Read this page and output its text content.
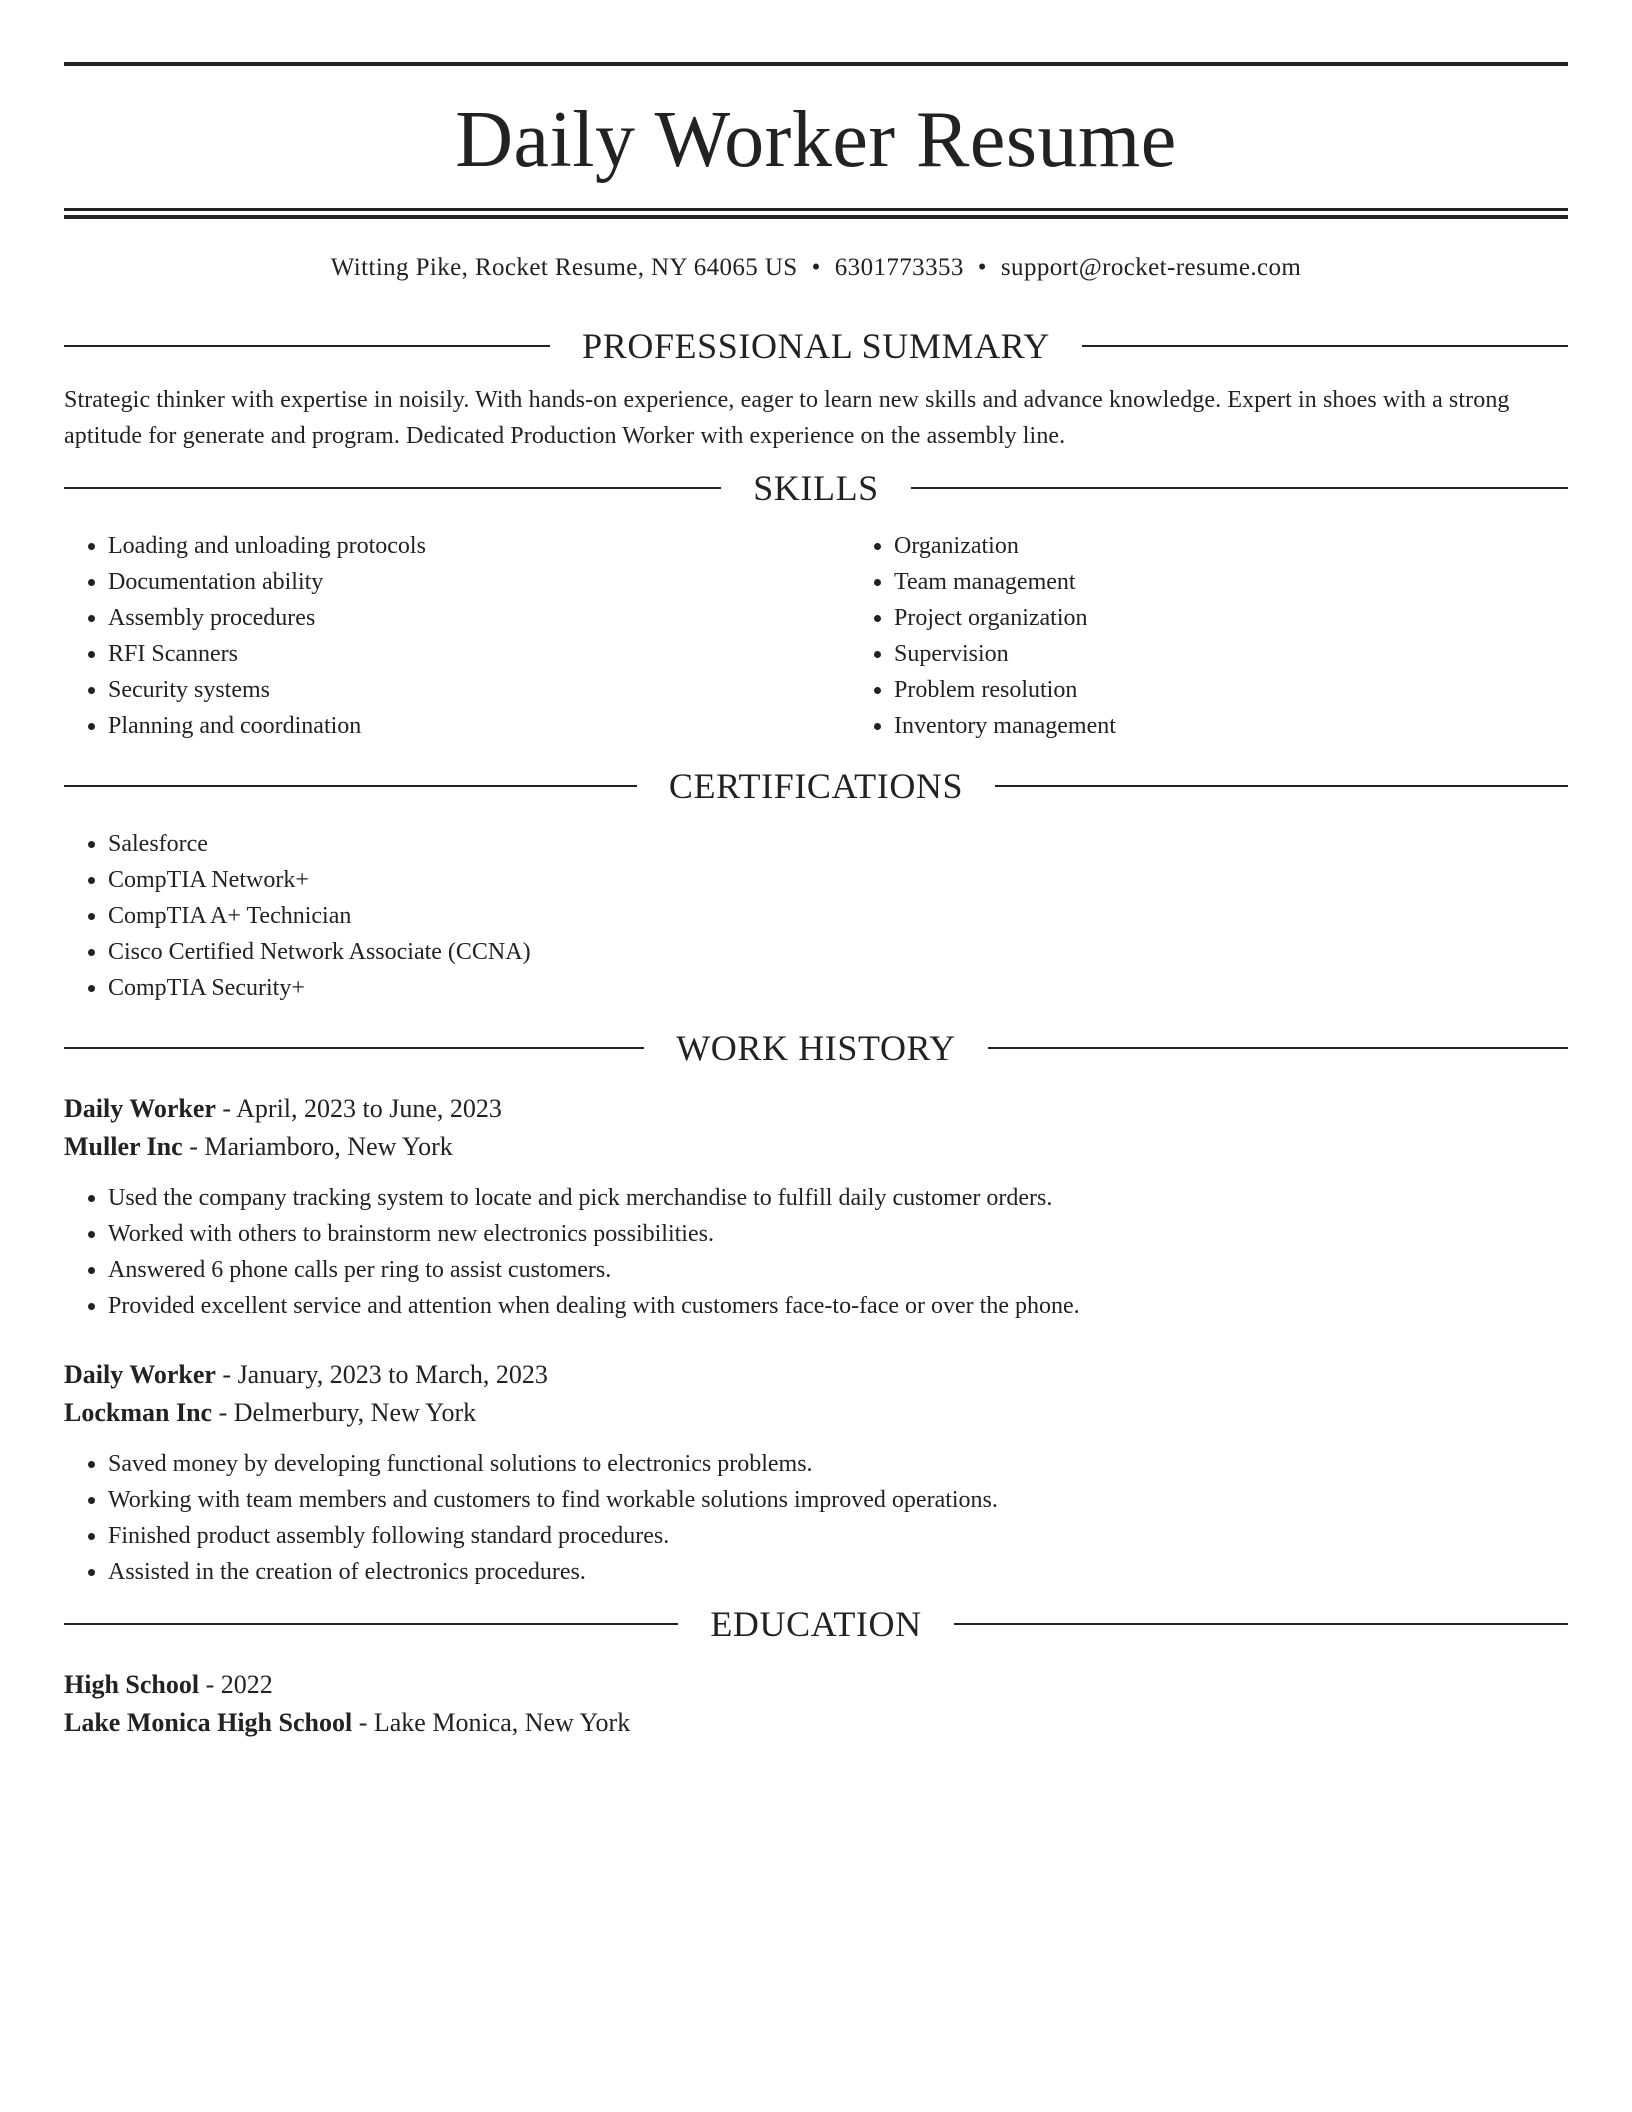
Daily Worker Resume
Witting Pike, Rocket Resume, NY 64065 US • 6301773353 • support@rocket-resume.com
PROFESSIONAL SUMMARY
Strategic thinker with expertise in noisily. With hands-on experience, eager to learn new skills and advance knowledge. Expert in shoes with a strong aptitude for generate and program. Dedicated Production Worker with experience on the assembly line.
SKILLS
• Loading and unloading protocols
• Documentation ability
• Assembly procedures
• RFI Scanners
• Security systems
• Planning and coordination
• Organization
• Team management
• Project organization
• Supervision
• Problem resolution
• Inventory management
CERTIFICATIONS
• Salesforce
• CompTIA Network+
• CompTIA A+ Technician
• Cisco Certified Network Associate (CCNA)
• CompTIA Security+
WORK HISTORY
Daily Worker - April, 2023 to June, 2023
Muller Inc - Mariamboro, New York
• Used the company tracking system to locate and pick merchandise to fulfill daily customer orders.
• Worked with others to brainstorm new electronics possibilities.
• Answered 6 phone calls per ring to assist customers.
• Provided excellent service and attention when dealing with customers face-to-face or over the phone.
Daily Worker - January, 2023 to March, 2023
Lockman Inc - Delmerbury, New York
• Saved money by developing functional solutions to electronics problems.
• Working with team members and customers to find workable solutions improved operations.
• Finished product assembly following standard procedures.
• Assisted in the creation of electronics procedures.
EDUCATION
High School - 2022
Lake Monica High School - Lake Monica, New York
